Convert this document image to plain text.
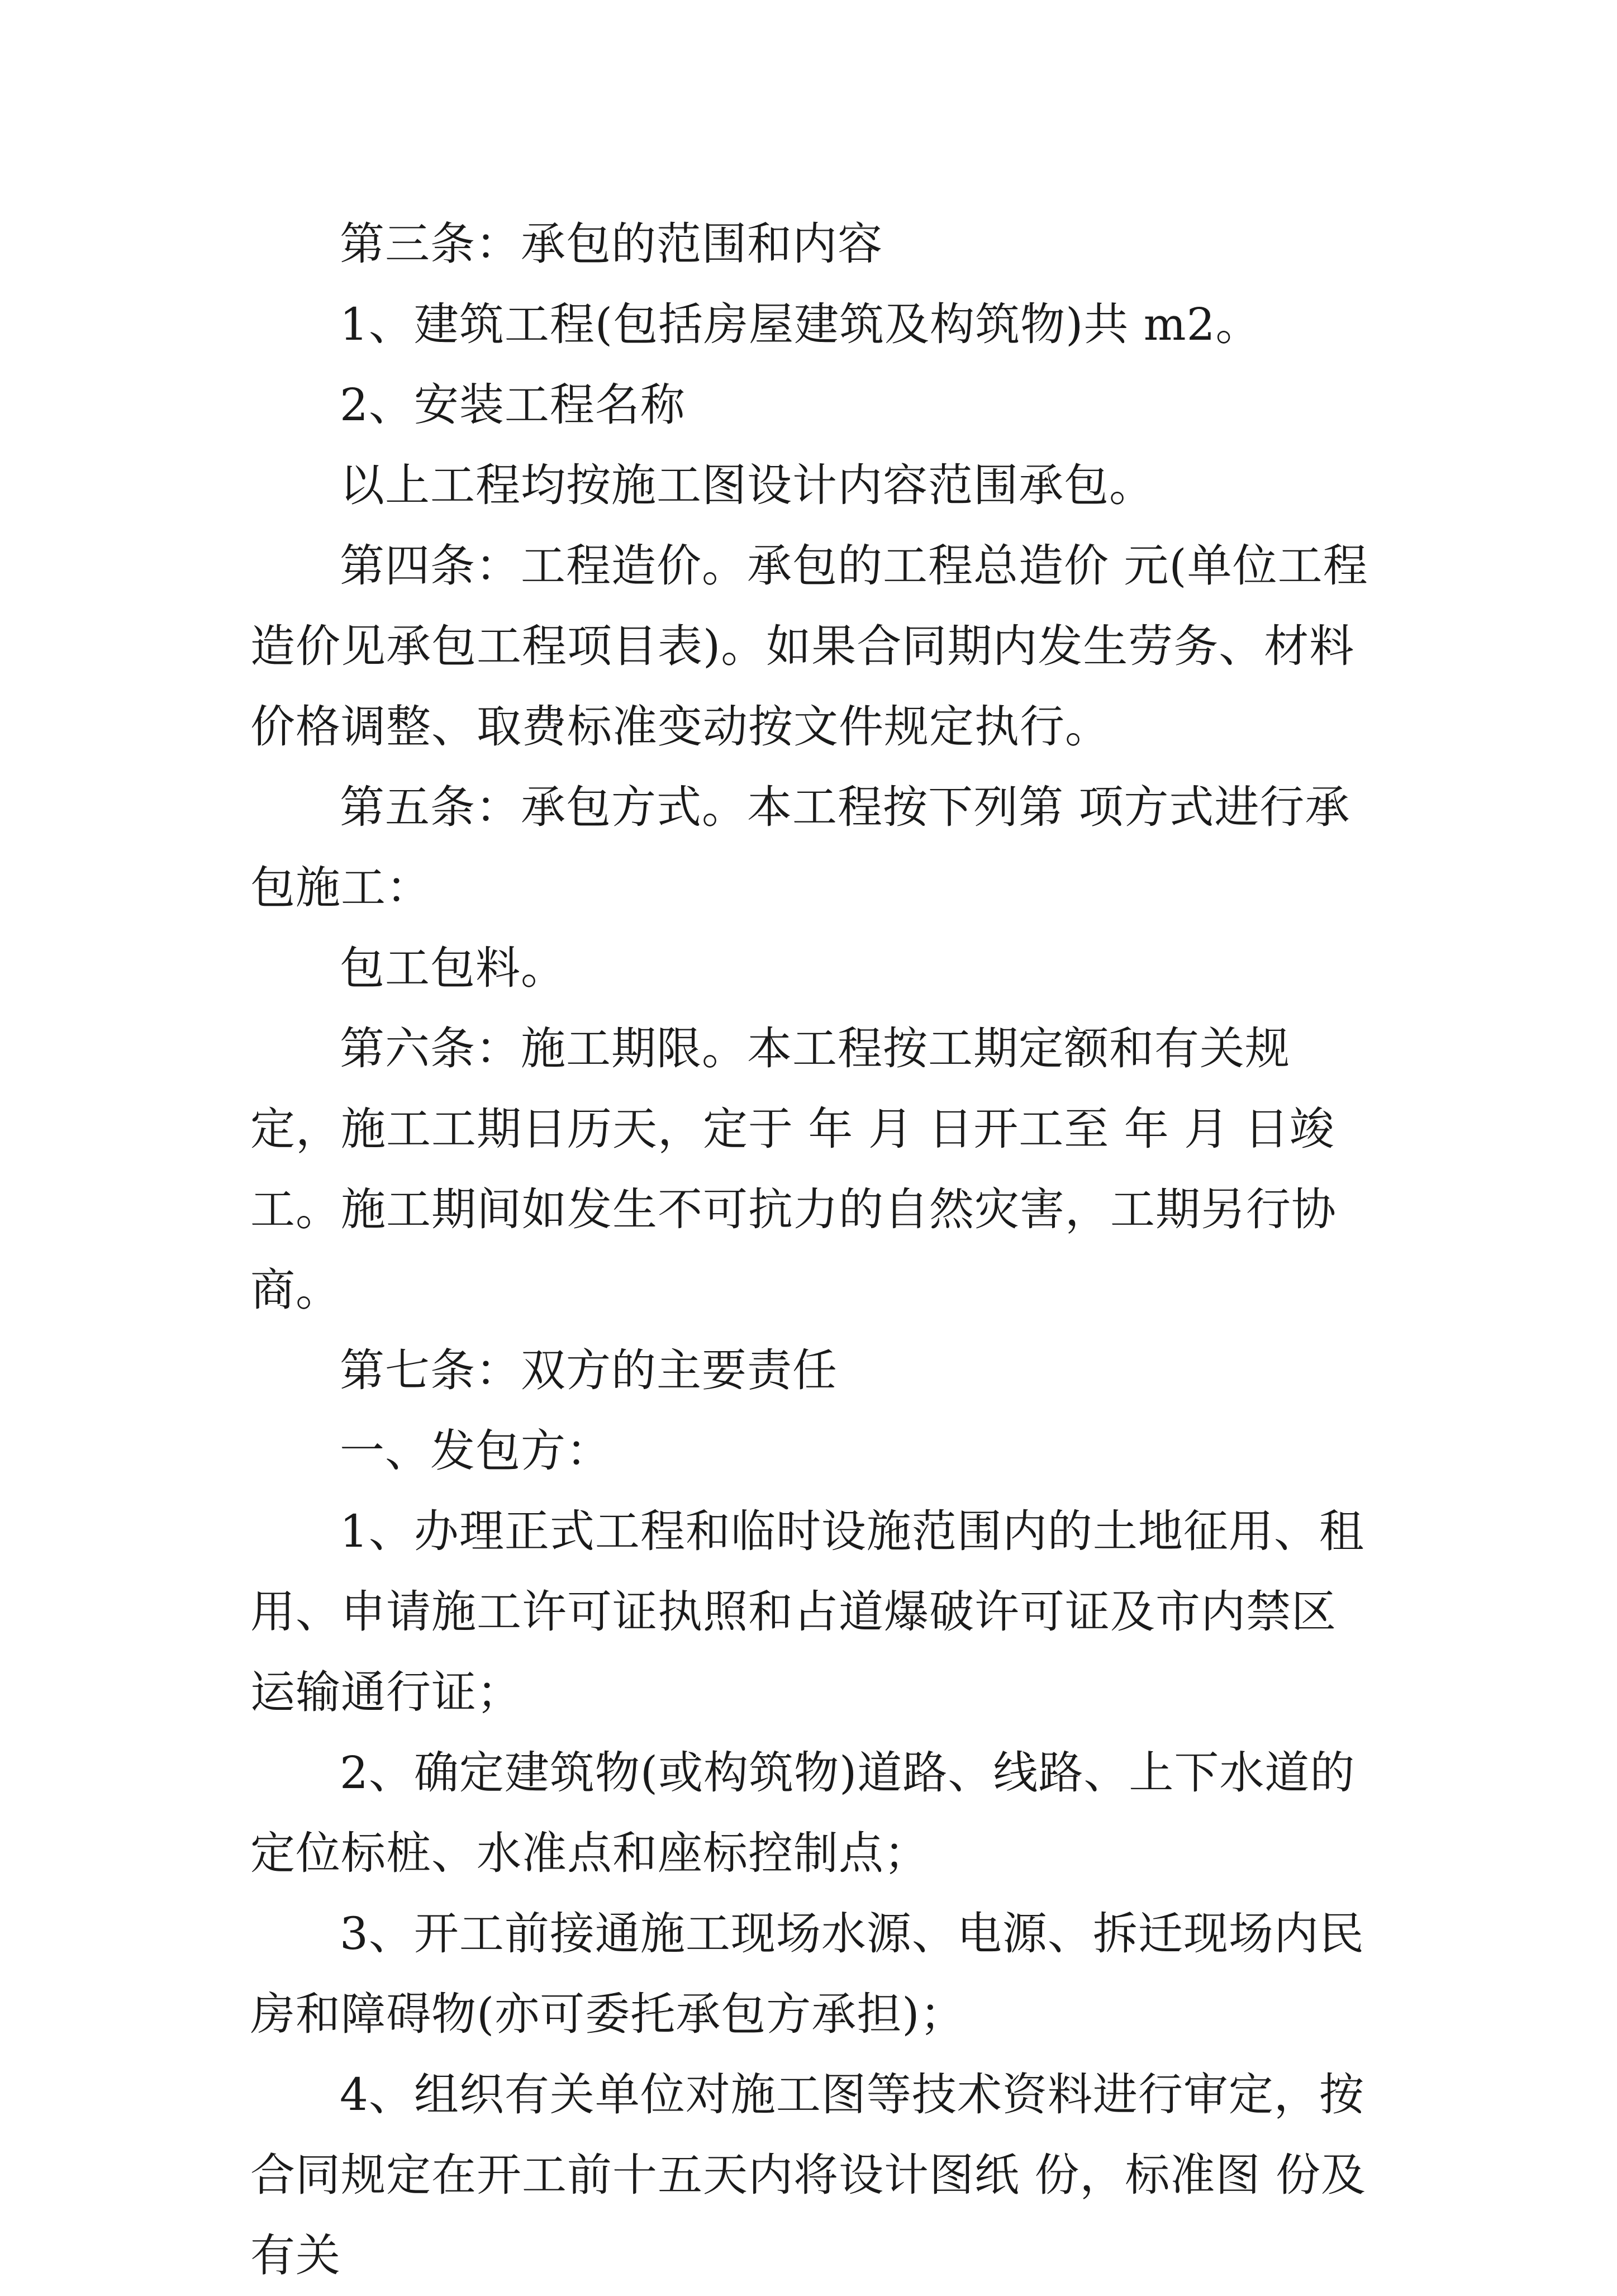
第三条：承包的范围和内容

1、建筑工程(包括房屋建筑及构筑物)共 m2。

2、安装工程名称

以上工程均按施工图设计内容范围承包。

第四条：工程造价。承包的工程总造价 元(单位工程造价见承包工程项目表)。如果合同期内发生劳务、材料价格调整、取费标准变动按文件规定执行。

第五条：承包方式。本工程按下列第 项方式进行承包施工：

包工包料。

第六条：施工期限。本工程按工期定额和有关规定，施工工期日历天，定于 年 月 日开工至 年 月 日竣工。施工期间如发生不可抗力的自然灾害，工期另行协商。

第七条：双方的主要责任

一、发包方：

1、办理正式工程和临时设施范围内的土地征用、租用、申请施工许可证执照和占道爆破许可证及市内禁区运输通行证；

2、确定建筑物(或构筑物)道路、线路、上下水道的定位标桩、水准点和座标控制点；

3、开工前接通施工现场水源、电源、拆迁现场内民房和障碍物(亦可委托承包方承担)；

4、组织有关单位对施工图等技术资料进行审定，按合同规定在开工前十五天内将设计图纸 份，标准图 份及有关
